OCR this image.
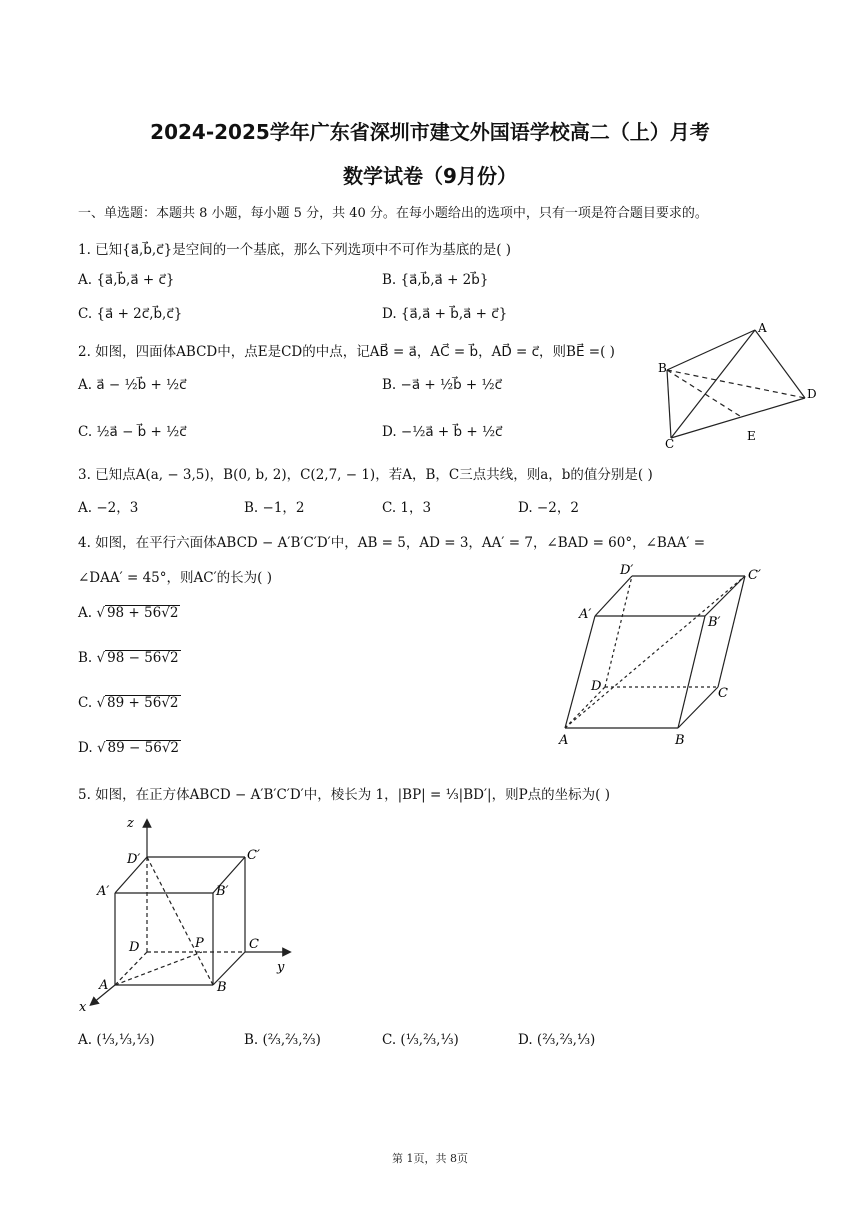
2024-2025学年广东省深圳市建文外国语学校高二（上）月考
数学试卷（9月份）
一、单选题：本题共 8 小题，每小题 5 分，共 40 分。在每小题给出的选项中，只有一项是符合题目要求的。
1. 已知{a⃗,b⃗,c⃗}是空间的一个基底，那么下列选项中不可作为基底的是( )
A. {a⃗,b⃗,a⃗ + c⃗}	B. {a⃗,b⃗,a⃗ + 2b⃗}
C. {a⃗ + 2c⃗,b⃗,c⃗}	D. {a⃗,a⃗ + b⃗,a⃗ + c⃗}
2. 如图，四面体ABCD中，点E是CD的中点，记AB⃗ = a⃗，AC⃗ = b⃗，AD⃗ = c⃗，则BE⃗ =( )
A. a⃗ − ½b⃗ + ½c⃗	B. −a⃗ + ½b⃗ + ½c⃗
C. ½a⃗ − b⃗ + ½c⃗	D. −½a⃗ + b⃗ + ½c⃗
A
B
C
D
E
3. 已知点A(a, − 3,5)，B(0, b, 2)，C(2,7, − 1)，若A，B，C三点共线，则a，b的值分别是( )
A. −2，3	B. −1，2	C. 1，3	D. −2，2
4. 如图，在平行六面体ABCD − A′B′C′D′中，AB = 5，AD = 3，AA′ = 7，∠BAD = 60°，∠BAA′ =
∠DAA′ = 45°，则AC′的长为( )
A. √ 98 + 56√2
B. √ 98 − 56√2
C. √ 89 + 56√2
D. √ 89 − 56√2
D′	C′
A′
B′
D	C
A	B
5. 如图，在正方体ABCD − A′B′C′D′中，棱长为 1，|BP| = ⅓|BD′|，则P点的坐标为( )
z
D′	C′
A′	B′
D	P	C
y
A	B
x
A. (⅓,⅓,⅓)	B. (⅔,⅔,⅔)	C. (⅓,⅔,⅓)	D. (⅔,⅔,⅓)
第 1页，共 8页
